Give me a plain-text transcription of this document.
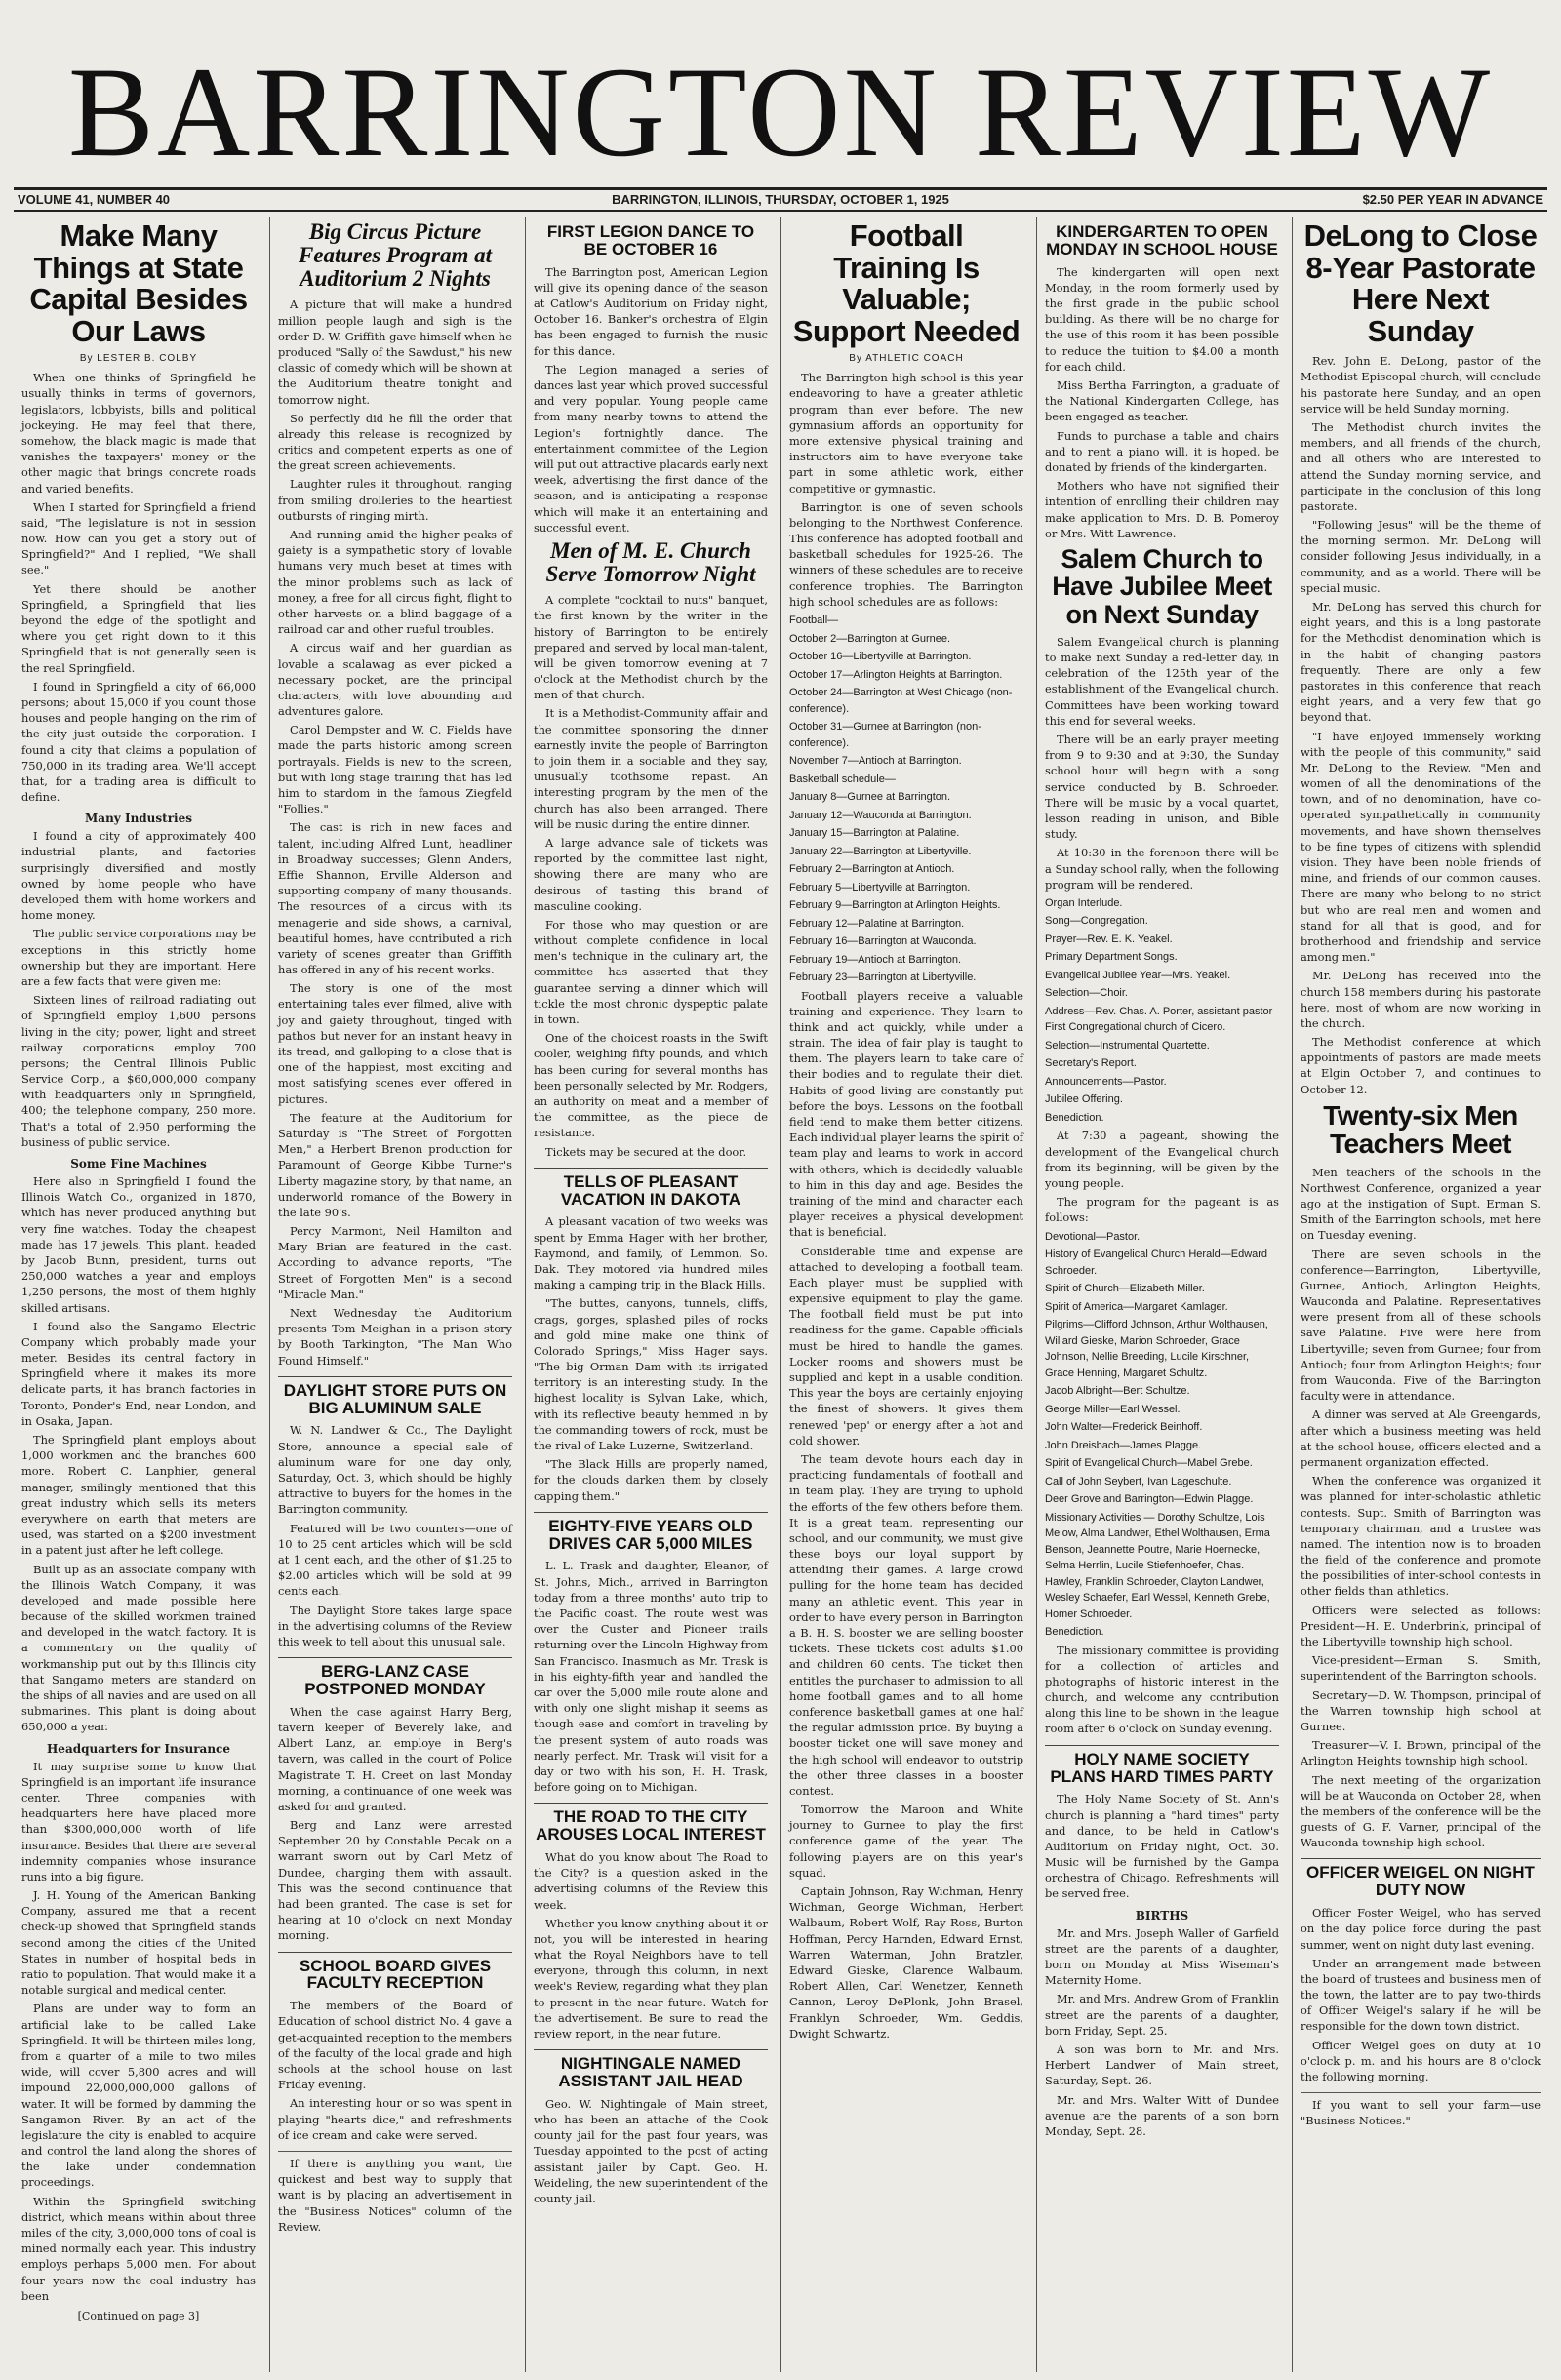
BARRINGTON REVIEW
VOLUME 41, NUMBER 40	BARRINGTON, ILLINOIS, THURSDAY, OCTOBER 1, 1925	$2.50 PER YEAR IN ADVANCE
Make Many Things at State Capital Besides Our Laws
By LESTER B. COLBY

When one thinks of Springfield he usually thinks in terms of governors, legislators, lobbyists, bills and political jockeying. He may feel that there, somehow, the black magic is made that vanishes the taxpayers' money or the other magic that brings concrete roads and varied benefits.

When I started for Springfield a friend said, "The legislature is not in session now. How can you get a story out of Springfield?" And I replied, "We shall see."

Yet there should be another Springfield, a Springfield that lies beyond the edge of the spotlight and where you get right down to it this Springfield that is not generally seen is the real Springfield.

I found in Springfield a city of 66,000 persons; about 15,000 if you count those houses and people hanging on the rim of the city just outside the corporation. I found a city that claims a population of 750,000 in its trading area. We'll accept that, for a trading area is difficult to define.

Many Industries

I found a city of approximately 400 industrial plants, and factories surprisingly diversified and mostly owned by home people who have developed them with home workers and home money.

The public service corporations may be exceptions in this strictly home ownership but they are important. Here are a few facts that were given me:

Sixteen lines of railroad radiating out of Springfield employ 1,600 persons living in the city; power, light and street railway corporations employ 700 persons; the Central Illinois Public Service Corp., a $60,000,000 company with headquarters only in Springfield, 400; the telephone company, 250 more. That's a total of 2,950 performing the business of public service.

Some Fine Machines

Here also in Springfield I found the Illinois Watch Co., organized in 1870, which has never produced anything but very fine watches. Today the cheapest made has 17 jewels. This plant, headed by Jacob Bunn, president, turns out 250,000 watches a year and employs 1,250 persons, the most of them highly skilled artisans.

I found also the Sangamo Electric Company which probably made your meter. Besides its central factory in Springfield where it makes its more delicate parts, it has branch factories in Toronto, Ponder's End, near London, and in Osaka, Japan.

The Springfield plant employs about 1,000 workmen and the branches 600 more. Robert C. Lanphier, general manager, smilingly mentioned that this great industry which sells its meters everywhere on earth that meters are used, was started on a $200 investment in a patent just after he left college.

Built up as an associate company with the Illinois Watch Company, it was developed and made possible here because of the skilled workmen trained and developed in the watch factory. It is a commentary on the quality of workmanship put out by this Illinois city that Sangamo meters are standard on the ships of all navies and are used on all submarines. This plant is doing about 650,000 a year.

Headquarters for Insurance

It may surprise some to know that Springfield is an important life insurance center. Three companies with headquarters here have placed more than $300,000,000 worth of life insurance. Besides that there are several indemnity companies whose insurance runs into a big figure.

J. H. Young of the American Banking Company, assured me that a recent check-up showed that Springfield stands second among the cities of the United States in number of hospital beds in ratio to population. That would make it a notable surgical and medical center.

Plans are under way to form an artificial lake to be called Lake Springfield. It will be thirteen miles long, from a quarter of a mile to two miles wide, will cover 5,800 acres and will impound 22,000,000,000 gallons of water. It will be formed by damming the Sangamon River. By an act of the legislature the city is enabled to acquire and control the land along the shores of the lake under condemnation proceedings.

Within the Springfield switching district, which means within about three miles of the city, 3,000,000 tons of coal is mined normally each year. This industry employs perhaps 5,000 men. For about four years now the coal industry has been

[Continued on page 3]
Big Circus Picture Features Program at Auditorium 2 Nights

A picture that will make a hundred million people laugh and sigh is the order D. W. Griffith gave himself when he produced "Sally of the Sawdust," his new classic of comedy which will be shown at the Auditorium theatre tonight and tomorrow night.

So perfectly did he fill the order that already this release is recognized by critics and competent experts as one of the great screen achievements.

Laughter rules it throughout, ranging from smiling drolleries to the heartiest outbursts of ringing mirth.

And running amid the higher peaks of gaiety is a sympathetic story of lovable humans very much beset at times with the minor problems such as lack of money, a free for all circus fight, flight to other harvests on a blind baggage of a railroad car and other rueful troubles.

A circus waif and her guardian as lovable a scalawag as ever picked a necessary pocket, are the principal characters, with love abounding and adventures galore.

Carol Dempster and W. C. Fields have made the parts historic among screen portrayals. Fields is new to the screen, but with long stage training that has led him to stardom in the famous Ziegfeld "Follies."

The cast is rich in new faces and talent, including Alfred Lunt, headliner in Broadway successes; Glenn Anders, Effie Shannon, Erville Alderson and supporting company of many thousands. The resources of a circus with its menagerie and side shows, a carnival, beautiful homes, have contributed a rich variety of scenes greater than Griffith has offered in any of his recent works.

The story is one of the most entertaining tales ever filmed, alive with joy and gaiety throughout, tinged with pathos but never for an instant heavy in its tread, and galloping to a close that is one of the happiest, most exciting and most satisfying scenes ever offered in pictures.

The feature at the Auditorium for Saturday is "The Street of Forgotten Men," a Herbert Brenon production for Paramount of George Kibbe Turner's Liberty magazine story, by that name, an underworld romance of the Bowery in the late 90's.

Percy Marmont, Neil Hamilton and Mary Brian are featured in the cast. According to advance reports, "The Street of Forgotten Men" is a second "Miracle Man."

Next Wednesday the Auditorium presents Tom Meighan in a prison story by Booth Tarkington, "The Man Who Found Himself."

DAYLIGHT STORE PUTS ON BIG ALUMINUM SALE

W. N. Landwer & Co., The Daylight Store, announce a special sale of aluminum ware for one day only, Saturday, Oct. 3, which should be highly attractive to buyers for the homes in the Barrington community.

Featured will be two counters—one of 10 to 25 cent articles which will be sold at 1 cent each, and the other of $1.25 to $2.00 articles which will be sold at 99 cents each.

The Daylight Store takes large space in the advertising columns of the Review this week to tell about this unusual sale.

BERG-LANZ CASE POSTPONED MONDAY

When the case against Harry Berg, tavern keeper of Beverely lake, and Albert Lanz, an employe in Berg's tavern, was called in the court of Police Magistrate T. H. Creet on last Monday morning, a continuance of one week was asked for and granted.

Berg and Lanz were arrested September 20 by Constable Pecak on a warrant sworn out by Carl Metz of Dundee, charging them with assault. This was the second continuance that had been granted. The case is set for hearing at 10 o'clock on next Monday morning.

SCHOOL BOARD GIVES FACULTY RECEPTION

The members of the Board of Education of school district No. 4 gave a get-acquainted reception to the members of the faculty of the local grade and high schools at the school house on last Friday evening.

An interesting hour or so was spent in playing "hearts dice," and refreshments of ice cream and cake were served.

If there is anything you want, the quickest and best way to supply that want is by placing an advertisement in the "Business Notices" column of the Review.

FIRST LEGION DANCE TO BE OCTOBER 16

The Barrington post, American Legion will give its opening dance of the season at Catlow's Auditorium on Friday night, October 16. Banker's orchestra of Elgin has been engaged to furnish the music for this dance.

The Legion managed a series of dances last year which proved successful and very popular. Young people came from many nearby towns to attend the Legion's fortnightly dance. The entertainment committee of the Legion will put out attractive placards early next week, advertising the first dance of the season, and is anticipating a response which will make it an entertaining and successful event.

Men of M. E. Church Serve Tomorrow Night

A complete "cocktail to nuts" banquet, the first known by the writer in the history of Barrington to be entirely prepared and served by local man-talent, will be given tomorrow evening at 7 o'clock at the Methodist church by the men of that church.

It is a Methodist-Community affair and the committee sponsoring the dinner earnestly invite the people of Barrington to join them in a sociable and they say, unusually toothsome repast. An interesting program by the men of the church has also been arranged. There will be music during the entire dinner.

A large advance sale of tickets was reported by the committee last night, showing there are many who are desirous of tasting this brand of masculine cooking.

For those who may question or are without complete confidence in local men's technique in the culinary art, the committee has asserted that they guarantee serving a dinner which will tickle the most chronic dyspeptic palate in town.

One of the choicest roasts in the Swift cooler, weighing fifty pounds, and which has been curing for several months has been personally selected by Mr. Rodgers, an authority on meat and a member of the committee, as the piece de resistance.

Tickets may be secured at the door.

TELLS OF PLEASANT VACATION IN DAKOTA

A pleasant vacation of two weeks was spent by Emma Hager with her brother, Raymond, and family, of Lemmon, So. Dak. They motored via hundred miles making a camping trip in the Black Hills.

"The buttes, canyons, tunnels, cliffs, crags, gorges, splashed piles of rocks and gold mine make one think of Colorado Springs," Miss Hager says. "The big Orman Dam with its irrigated territory is an interesting study. In the highest locality is Sylvan Lake, which, with its reflective beauty hemmed in by the commanding towers of rock, must be the rival of Lake Luzerne, Switzerland.

"The Black Hills are properly named, for the clouds darken them by closely capping them."

EIGHTY-FIVE YEARS OLD DRIVES CAR 5,000 MILES

L. L. Trask and daughter, Eleanor, of St. Johns, Mich., arrived in Barrington today from a three months' auto trip to the Pacific coast. The route west was over the Custer and Pioneer trails returning over the Lincoln Highway from San Francisco. Inasmuch as Mr. Trask is in his eighty-fifth year and handled the car over the 5,000 mile route alone and with only one slight mishap it seems as though ease and comfort in traveling by the present system of auto roads was nearly perfect. Mr. Trask will visit for a day or two with his son, H. H. Trask, before going on to Michigan.

THE ROAD TO THE CITY AROUSES LOCAL INTEREST

What do you know about The Road to the City? is a question asked in the advertising columns of the Review this week.

Whether you know anything about it or not, you will be interested in hearing what the Royal Neighbors have to tell everyone, through this column, in next week's Review, regarding what they plan to present in the near future. Watch for the advertisement. Be sure to read the review report, in the near future.

NIGHTINGALE NAMED ASSISTANT JAIL HEAD

Geo. W. Nightingale of Main street, who has been an attache of the Cook county jail for the past four years, was Tuesday appointed to the post of acting assistant jailer by Capt. Geo. H. Weideling, the new superintendent of the county jail.

Football Training Is Valuable; Support Needed
By ATHLETIC COACH

The Barrington high school is this year endeavoring to have a greater athletic program than ever before. The new gymnasium affords an opportunity for more extensive physical training and instructors aim to have everyone take part in some athletic work, either competitive or gymnastic.

Barrington is one of seven schools belonging to the Northwest Conference. This conference has adopted football and basketball schedules for 1925-26. The winners of these schedules are to receive conference trophies. The Barrington high school schedules are as follows:

Football—
October 2—Barrington at Gurnee.
October 16—Libertyville at Barrington.
October 17—Arlington Heights at Barrington.
October 24—Barrington at West Chicago (non-conference).
October 31—Gurnee at Barrington (non-conference).
November 7—Antioch at Barrington.
Basketball schedule—
January 8—Gurnee at Barrington.
January 12—Wauconda at Barrington.
January 15—Barrington at Palatine.
January 22—Barrington at Libertyville.
February 2—Barrington at Antioch.
February 5—Libertyville at Barrington.
February 9—Barrington at Arlington Heights.
February 12—Palatine at Barrington.
February 16—Barrington at Wauconda.
February 19—Antioch at Barrington.
February 23—Barrington at Libertyville.

Football players receive a valuable training and experience. They learn to think and act quickly, while under a strain. The idea of fair play is taught to them. The players learn to take care of their bodies and to regulate their diet. Habits of good living are constantly put before the boys. Lessons on the football field tend to make them better citizens. Each individual player learns the spirit of team play and learns to work in accord with others, which is decidedly valuable to him in this day and age. Besides the training of the mind and character each player receives a physical development that is beneficial.

Considerable time and expense are attached to developing a football team. Each player must be supplied with expensive equipment to play the game. The football field must be put into readiness for the game. Capable officials must be hired to handle the games. Locker rooms and showers must be supplied and kept in a usable condition. This year the boys are certainly enjoying the finest of showers. It gives them renewed 'pep' or energy after a hot and cold shower.

The team devote hours each day in practicing fundamentals of football and in team play. They are trying to uphold the efforts of the few others before them. It is a great team, representing our school, and our community, we must give these boys our loyal support by attending their games. A large crowd pulling for the home team has decided many an athletic event. This year in order to have every person in Barrington a B. H. S. booster we are selling booster tickets. These tickets cost adults $1.00 and children 60 cents. The ticket then entitles the purchaser to admission to all home football games and to all home conference basketball games at one half the regular admission price. By buying a booster ticket one will save money and the high school will endeavor to outstrip the other three classes in a booster contest.

Tomorrow the Maroon and White journey to Gurnee to play the first conference game of the year. The following players are on this year's squad.

Captain Johnson, Ray Wichman, Henry Wichman, George Wichman, Herbert Walbaum, Robert Wolf, Ray Ross, Burton Hoffman, Percy Harnden, Edward Ernst, Warren Waterman, John Bratzler, Edward Gieske, Clarence Walbaum, Robert Allen, Carl Wenetzer, Kenneth Cannon, Leroy DePlonk, John Brasel, Franklyn Schroeder, Wm. Geddis, Dwight Schwartz.

KINDERGARTEN TO OPEN MONDAY IN SCHOOL HOUSE

The kindergarten will open next Monday, in the room formerly used by the first grade in the public school building. As there will be no charge for the use of this room it has been possible to reduce the tuition to $4.00 a month for each child.

Miss Bertha Farrington, a graduate of the National Kindergarten College, has been engaged as teacher.

Funds to purchase a table and chairs and to rent a piano will, it is hoped, be donated by friends of the kindergarten.

Mothers who have not signified their intention of enrolling their children may make application to Mrs. D. B. Pomeroy or Mrs. Witt Lawrence.

Salem Church to Have Jubilee Meet on Next Sunday

Salem Evangelical church is planning to make next Sunday a red-letter day, in celebration of the 125th year of the establishment of the Evangelical church. Committees have been working toward this end for several weeks.

There will be an early prayer meeting from 9 to 9:30 and at 9:30, the Sunday school hour will begin with a song service conducted by B. Schroeder. There will be music by a vocal quartet, lesson reading in unison, and Bible study.

At 10:30 in the forenoon there will be a Sunday school rally, when the following program will be rendered.

Organ Interlude.
Song—Congregation.
Prayer—Rev. E. K. Yeakel.
Primary Department Songs.
Evangelical Jubilee Year—Mrs. Yeakel.
Selection—Choir.
Address—Rev. Chas. A. Porter, assistant pastor First Congregational church of Cicero.
Selection—Instrumental Quartette.
Secretary's Report.
Announcements—Pastor.
Jubilee Offering.
Benediction.

At 7:30 a pageant, showing the development of the Evangelical church from its beginning, will be given by the young people.

The program for the pageant is as follows:

Devotional—Pastor.
History of Evangelical Church Herald—Edward Schroeder.
Spirit of Church—Elizabeth Miller.
Spirit of America—Margaret Kamlager.
Pilgrims—Clifford Johnson, Arthur Wolthausen, Willard Gieske, Marion Schroeder, Grace Johnson, Nellie Breeding, Lucile Kirschner, Grace Henning, Margaret Schultz.
Jacob Albright—Bert Schultze.
George Miller—Earl Wessel.
John Walter—Frederick Beinhoff.
John Dreisbach—James Plagge.
Spirit of Evangelical Church—Mabel Grebe.
Call of John Seybert, Ivan Lageschulte.
Deer Grove and Barrington—Edwin Plagge.
Missionary Activities — Dorothy Schultze, Lois Meiow, Alma Landwer, Ethel Wolthausen, Erma Benson, Jeannette Poutre, Marie Hoernecke, Selma Herrlin, Lucile Stiefenhoefer, Chas. Hawley, Franklin Schroeder, Clayton Landwer, Wesley Schaefer, Earl Wessel, Kenneth Grebe, Homer Schroeder.
Benediction.

The missionary committee is providing for a collection of articles and photographs of historic interest in the church, and welcome any contribution along this line to be shown in the league room after 6 o'clock on Sunday evening.

HOLY NAME SOCIETY PLANS HARD TIMES PARTY

The Holy Name Society of St. Ann's church is planning a "hard times" party and dance, to be held in Catlow's Auditorium on Friday night, Oct. 30. Music will be furnished by the Gampa orchestra of Chicago. Refreshments will be served free.

BIRTHS

Mr. and Mrs. Joseph Waller of Garfield street are the parents of a daughter, born on Monday at Miss Wiseman's Maternity Home.

Mr. and Mrs. Andrew Grom of Franklin street are the parents of a daughter, born Friday, Sept. 25.

A son was born to Mr. and Mrs. Herbert Landwer of Main street, Saturday, Sept. 26.

Mr. and Mrs. Walter Witt of Dundee avenue are the parents of a son born Monday, Sept. 28.

DeLong to Close 8-Year Pastorate Here Next Sunday

Rev. John E. DeLong, pastor of the Methodist Episcopal church, will conclude his pastorate here Sunday, and an open service will be held Sunday morning.

The Methodist church invites the members, and all friends of the church, and all others who are interested to attend the Sunday morning service, and participate in the conclusion of this long pastorate.

"Following Jesus" will be the theme of the morning sermon. Mr. DeLong will consider following Jesus individually, in a community, and as a world. There will be special music.

Mr. DeLong has served this church for eight years, and this is a long pastorate for the Methodist denomination which is in the habit of changing pastors frequently. There are only a few pastorates in this conference that reach eight years, and a very few that go beyond that.

"I have enjoyed immensely working with the people of this community," said Mr. DeLong to the Review. "Men and women of all the denominations of the town, and of no denomination, have co-operated sympathetically in community movements, and have shown themselves to be fine types of citizens with splendid vision. They have been noble friends of mine, and friends of our common causes. There are many who belong to no strict but who are real men and women and stand for all that is good, and for brotherhood and friendship and service among men."

Mr. DeLong has received into the church 158 members during his pastorate here, most of whom are now working in the church.

The Methodist conference at which appointments of pastors are made meets at Elgin October 7, and continues to October 12.

Twenty-six Men Teachers Meet

Men teachers of the schools in the Northwest Conference, organized a year ago at the instigation of Supt. Erman S. Smith of the Barrington schools, met here on Tuesday evening.

There are seven schools in the conference—Barrington, Libertyville, Gurnee, Antioch, Arlington Heights, Wauconda and Palatine. Representatives were present from all of these schools save Palatine. Five were here from Libertyville; seven from Gurnee; four from Antioch; four from Arlington Heights; four from Wauconda. Five of the Barrington faculty were in attendance.

A dinner was served at Ale Greengards, after which a business meeting was held at the school house, officers elected and a permanent organization effected.

When the conference was organized it was planned for inter-scholastic athletic contests. Supt. Smith of Barrington was temporary chairman, and a trustee was named. The intention now is to broaden the field of the conference and promote the possibilities of inter-school contests in other fields than athletics.

Officers were selected as follows: President—H. E. Underbrink, principal of the Libertyville township high school.

Vice-president—Erman S. Smith, superintendent of the Barrington schools.

Secretary—D. W. Thompson, principal of the Warren township high school at Gurnee.

Treasurer—V. I. Brown, principal of the Arlington Heights township high school.

The next meeting of the organization will be at Wauconda on October 28, when the members of the conference will be the guests of G. F. Varner, principal of the Wauconda township high school.

OFFICER WEIGEL ON NIGHT DUTY NOW

Officer Foster Weigel, who has served on the day police force during the past summer, went on night duty last evening.

Under an arrangement made between the board of trustees and business men of the town, the latter are to pay two-thirds of Officer Weigel's salary if he will be responsible for the down town district.

Officer Weigel goes on duty at 10 o'clock p. m. and his hours are 8 o'clock the following morning.

If you want to sell your farm—use "Business Notices."
